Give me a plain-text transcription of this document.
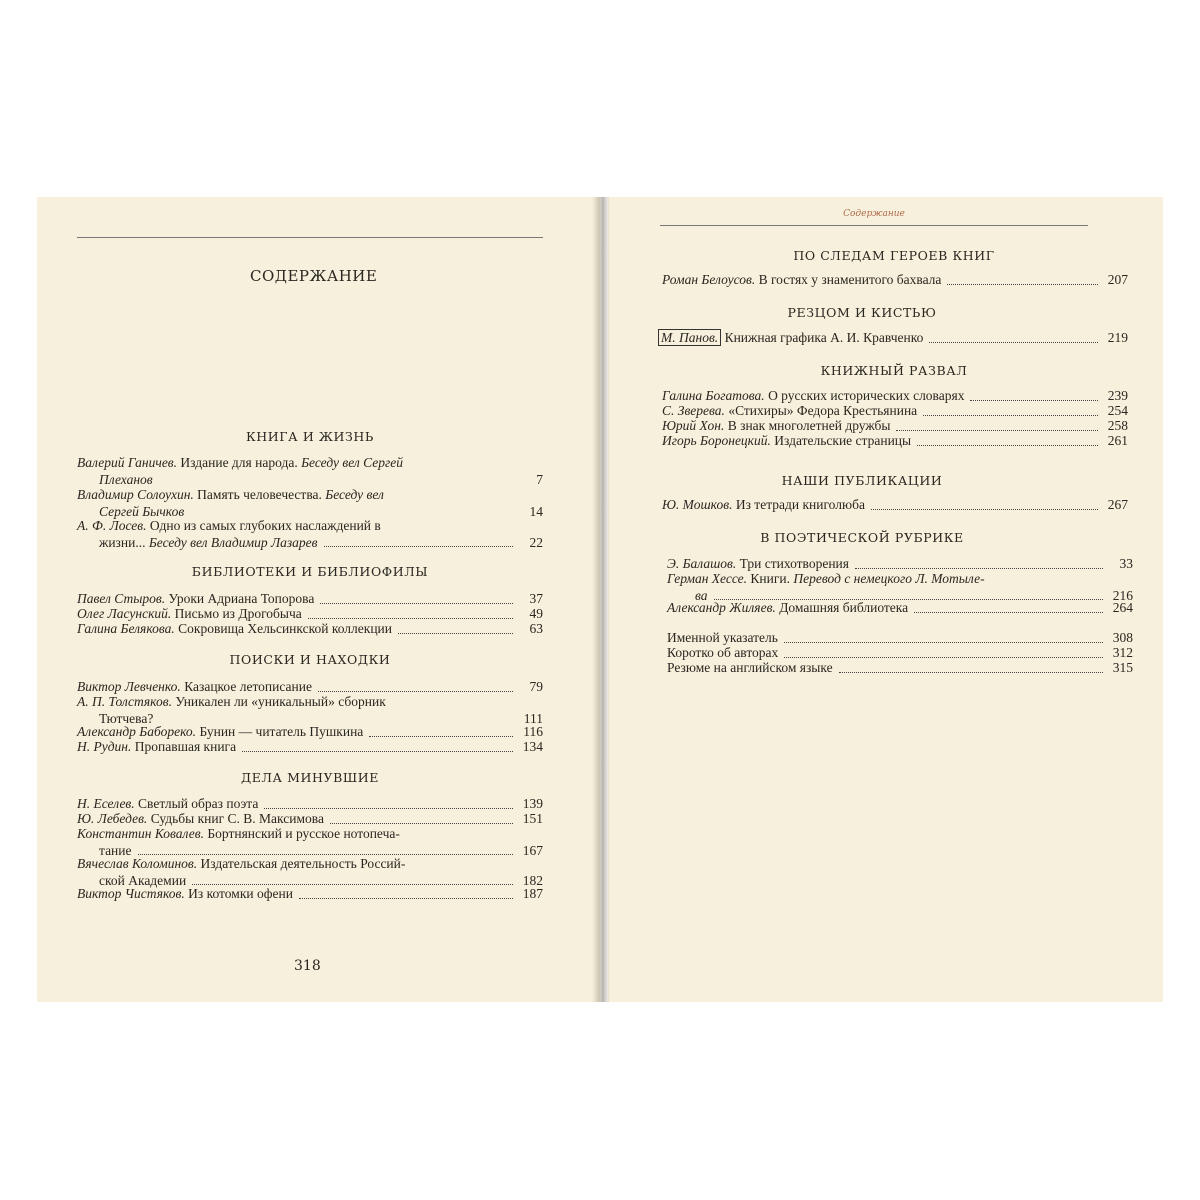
СОДЕРЖАНИЕ
КНИГА И ЖИЗНЬ
Валерий Ганичев. Издание для народа. Беседу вел Сергей
Плеханов	7
Владимир Солоухин. Память человечества. Беседу вел
Сергей Бычков	14
А. Ф. Лосев. Одно из самых глубоких наслаждений в
жизни...
Беседу вел Владимир Лазарев	22
БИБЛИОТЕКИ И БИБЛИОФИЛЫ
Павел Стыров. Уроки Адриана Топорова	37
Олег Ласунский. Письмо из Дрогобыча	49
Галина Белякова. Сокровища Хельсинкской коллекции	63
ПОИСКИ И НАХОДКИ
Виктор Левченко. Казацкое летописание	79
А. П. Толстяков. Уникален ли «уникальный» сборник
Тютчева?	111
Александр Бабореко. Бунин — читатель Пушкина	116
Н. Рудин. Пропавшая книга	134
ДЕЛА МИНУВШИЕ
Н. Еселев. Светлый образ поэта	139
Ю. Лебедев. Судьбы книг С. В. Максимова	151
Константин Ковалев. Бортнянский и русское нотопеча-
тание	167
Вячеслав Коломинов. Издательская деятельность Россий-
ской Академии	182
Виктор Чистяков. Из котомки офени	187
318
Содержание
ПО СЛЕДАМ ГЕРОЕВ КНИГ
Роман Белоусов. В гостях у знаменитого бахвала	207
РЕЗЦОМ И КИСТЬЮ
М. Панов. Книжная графика А. И. Кравченко	219
КНИЖНЫЙ РАЗВАЛ
Галина Богатова. О русских исторических словарях	239
С. Зверева. «Стихиры» Федора Крестьянина	254
Юрий Хон. В знак многолетней дружбы	258
Игорь Боронецкий. Издательские страницы	261
НАШИ ПУБЛИКАЦИИ
Ю. Мошков. Из тетради книголюба	267
В ПОЭТИЧЕСКОЙ РУБРИКЕ
Э. Балашов. Три стихотворения	33
Герман Хессе. Книги. Перевод с немецкого Л. Мотыле-
ва	216
Александр Жиляев. Домашняя библиотека	264
Именной указатель	308
Коротко об авторах	312
Резюме на английском языке	315
